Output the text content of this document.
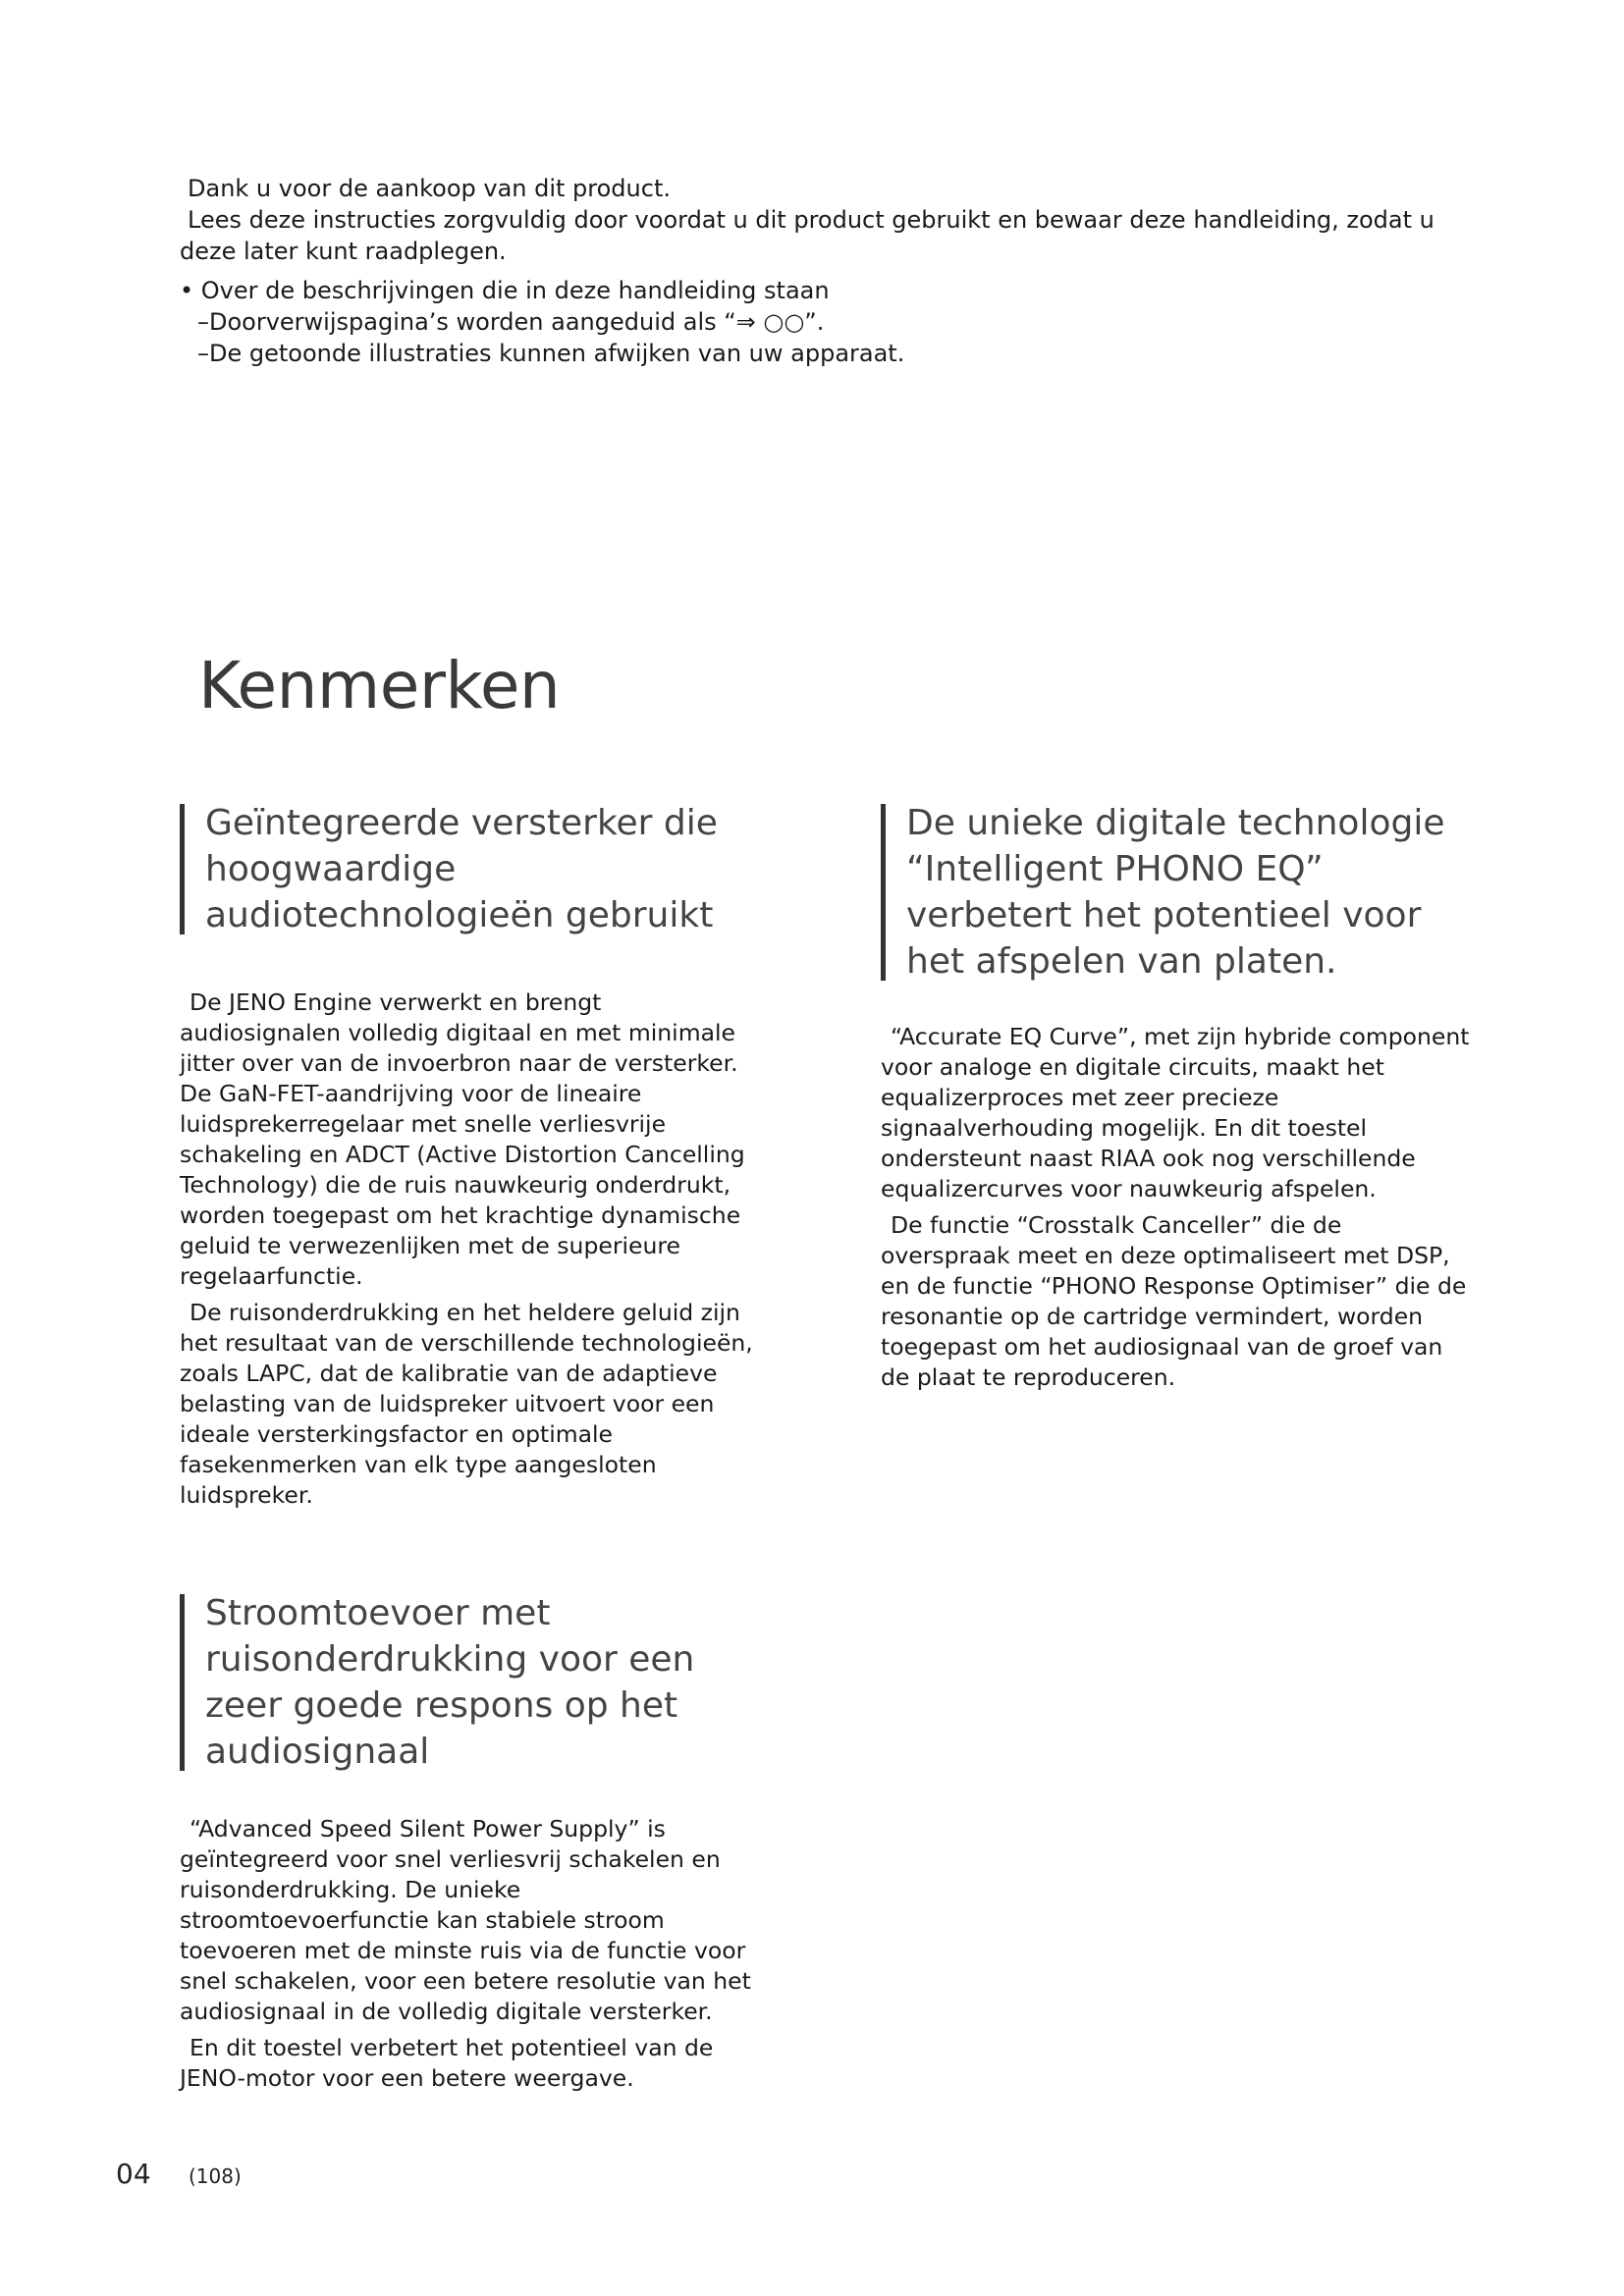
Dank u voor de aankoop van dit product.

Lees deze instructies zorgvuldig door voordat u dit product gebruikt en bewaar deze handleiding, zodat u deze later kunt raadplegen.

• Over de beschrijvingen die in deze handleiding staan

–Doorverwijspagina’s worden aangeduid als “⇒ ○○”.

–De getoonde illustraties kunnen afwijken van uw apparaat.

Kenmerken
Geïntegreerde versterker die hoogwaardige audiotechnologieën gebruikt

De JENO Engine verwerkt en brengt audiosignalen volledig digitaal en met minimale jitter over van de invoerbron naar de versterker. De GaN-FET-aandrijving voor de lineaire luidsprekerregelaar met snelle verliesvrije schakeling en ADCT (Active Distortion Cancelling Technology) die de ruis nauwkeurig onderdrukt, worden toegepast om het krachtige dynamische geluid te verwezenlijken met de superieure regelaarfunctie.

De ruisonderdrukking en het heldere geluid zijn het resultaat van de verschillende technologieën, zoals LAPC, dat de kalibratie van de adaptieve belasting van de luidspreker uitvoert voor een ideale versterkingsfactor en optimale fasekenmerken van elk type aangesloten luidspreker.

De unieke digitale technologie “Intelligent PHONO EQ” verbetert het potentieel voor het afspelen van platen.

“Accurate EQ Curve”, met zijn hybride component voor analoge en digitale circuits, maakt het equalizerproces met zeer precieze signaalverhouding mogelijk. En dit toestel ondersteunt naast RIAA ook nog verschillende equalizercurves voor nauwkeurig afspelen.

De functie “Crosstalk Canceller” die de overspraak meet en deze optimaliseert met DSP, en de functie “PHONO Response Optimiser” die de resonantie op de cartridge vermindert, worden toegepast om het audiosignaal van de groef van de plaat te reproduceren.

Stroomtoevoer met ruisonderdrukking voor een zeer goede respons op het audiosignaal

“Advanced Speed Silent Power Supply” is geïntegreerd voor snel verliesvrij schakelen en ruisonderdrukking. De unieke stroomtoevoerfunctie kan stabiele stroom toevoeren met de minste ruis via de functie voor snel schakelen, voor een betere resolutie van het audiosignaal in de volledig digitale versterker.

En dit toestel verbetert het potentieel van de JENO-motor voor een betere weergave.

04 (108)
